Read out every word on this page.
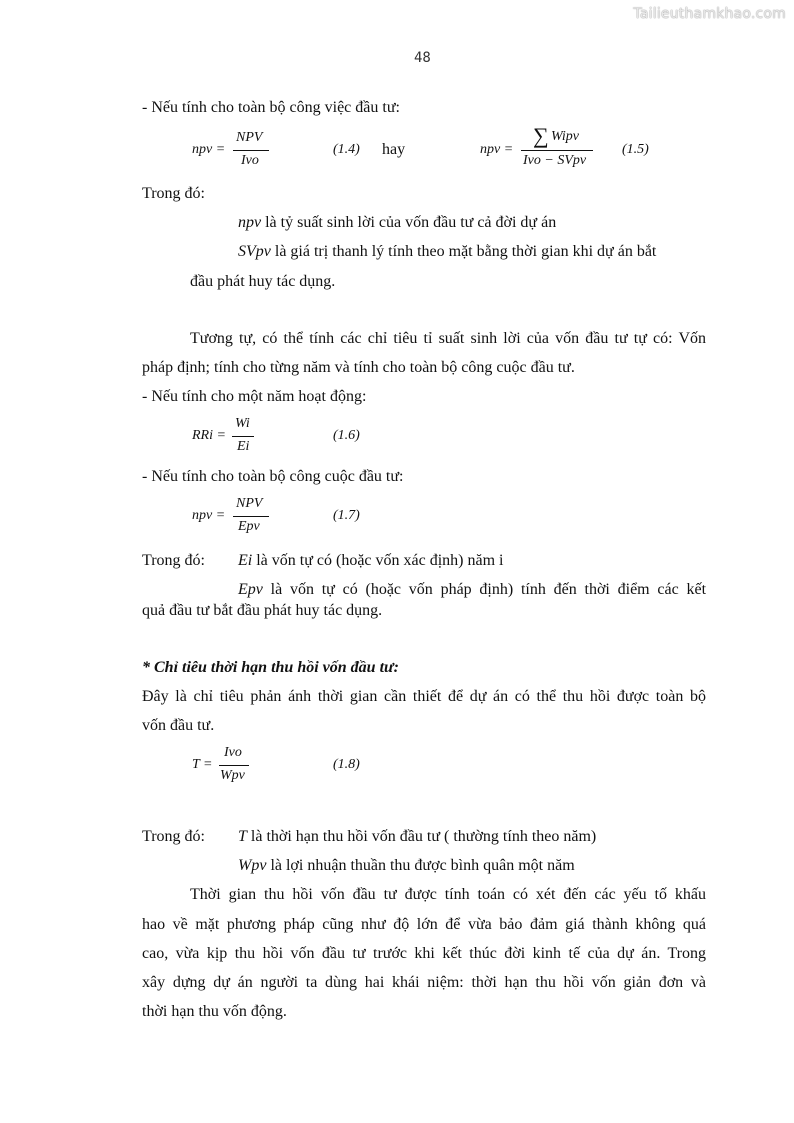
Tailieuthamkhao.com
48
- Nếu tính cho toàn bộ công việc đầu tư:
npv =
NPV
Ivo
(1.4) hay	npv =
∑ Wipv
Ivo − SVpv
(1.5)
Trong đó:
npv là tỷ suất sinh lời của vốn đầu tư cả đời dự án
SVpv là giá trị thanh lý tính theo mặt bằng thời gian khi dự án bắt
đầu phát huy tác dụng.
Tương tự, có thể tính các chỉ tiêu tỉ suất sinh lời của vốn đầu tư tự có: Vốn
pháp định; tính cho từng năm và tính cho toàn bộ công cuộc đầu tư.
- Nếu tính cho một năm hoạt động:
RRi =
Wi
Ei
(1.6)
- Nếu tính cho toàn bộ công cuộc đầu tư:
npv =
NPV
Epv
(1.7)
Trong đó: Ei là vốn tự có (hoặc vốn xác định) năm i
Epv là vốn tự có (hoặc vốn pháp định) tính đến thời điểm các kết
quả đầu tư bắt đầu phát huy tác dụng.
* Chỉ tiêu thời hạn thu hồi vốn đầu tư:
Đây là chỉ tiêu phản ánh thời gian cần thiết để dự án có thể thu hồi được toàn bộ
vốn đầu tư.
T =
Ivo
Wpv
(1.8)
Trong đó: T là thời hạn thu hồi vốn đầu tư ( thường tính theo năm)
Wpv là lợi nhuận thuần thu được bình quân một năm
Thời gian thu hồi vốn đầu tư được tính toán có xét đến các yếu tố khấu
hao về mặt phương pháp cũng như độ lớn để vừa bảo đảm giá thành không quá
cao, vừa kịp thu hồi vốn đầu tư trước khi kết thúc đời kinh tế của dự án. Trong
xây dựng dự án người ta dùng hai khái niệm: thời hạn thu hồi vốn giản đơn và
thời hạn thu vốn động.
